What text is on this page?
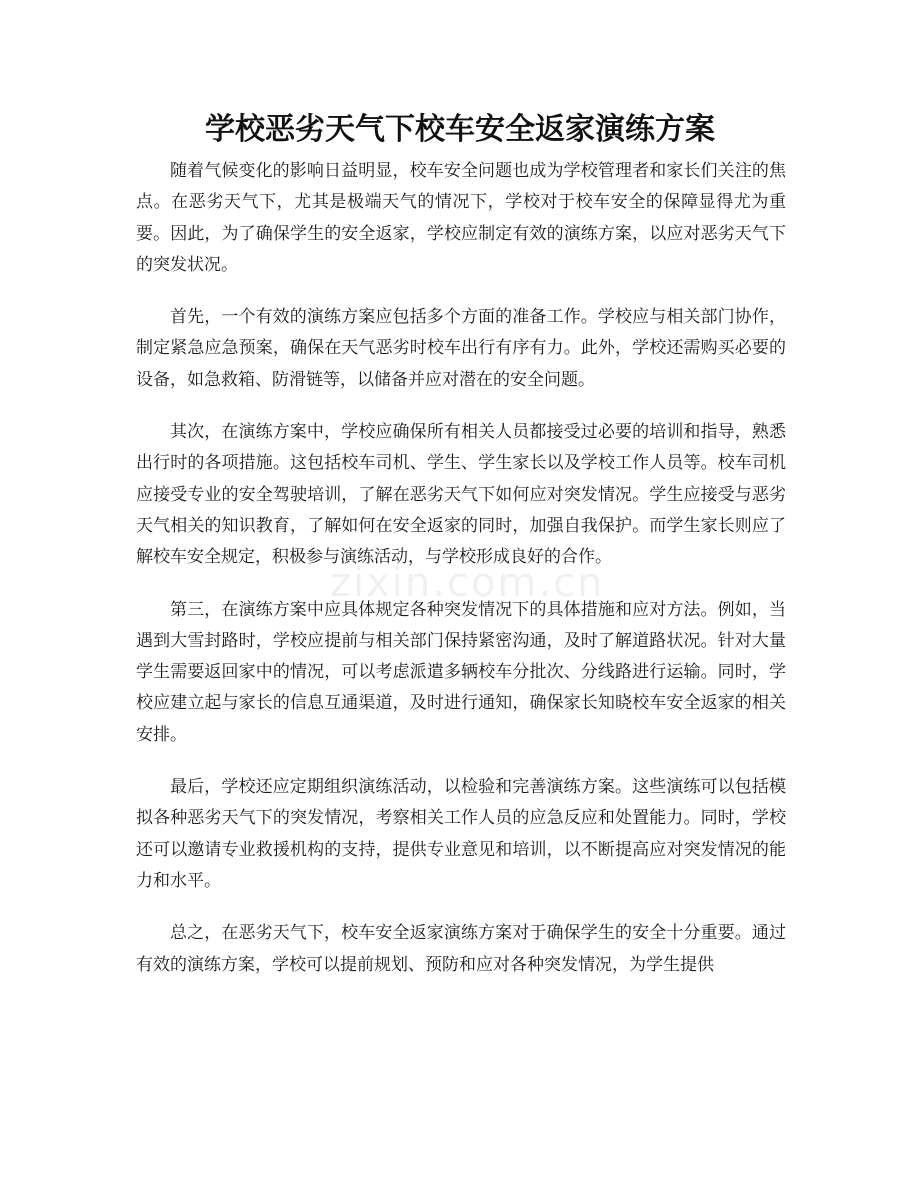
学校恶劣天气下校车安全返家演练方案
zixin.com.cn

随着气候变化的影响日益明显，校车安全问题也成为学校管理者和家长们关注的焦点。在恶劣天气下，尤其是极端天气的情况下，学校对于校车安全的保障显得尤为重要。因此，为了确保学生的安全返家，学校应制定有效的演练方案，以应对恶劣天气下的突发状况。

首先，一个有效的演练方案应包括多个方面的准备工作。学校应与相关部门协作，制定紧急应急预案，确保在天气恶劣时校车出行有序有力。此外，学校还需购买必要的设备，如急救箱、防滑链等，以储备并应对潜在的安全问题。

其次，在演练方案中，学校应确保所有相关人员都接受过必要的培训和指导，熟悉出行时的各项措施。这包括校车司机、学生、学生家长以及学校工作人员等。校车司机应接受专业的安全驾驶培训，了解在恶劣天气下如何应对突发情况。学生应接受与恶劣天气相关的知识教育，了解如何在安全返家的同时，加强自我保护。而学生家长则应了解校车安全规定，积极参与演练活动，与学校形成良好的合作。

第三，在演练方案中应具体规定各种突发情况下的具体措施和应对方法。例如，当遇到大雪封路时，学校应提前与相关部门保持紧密沟通，及时了解道路状况。针对大量学生需要返回家中的情况，可以考虑派遣多辆校车分批次、分线路进行运输。同时，学校应建立起与家长的信息互通渠道，及时进行通知，确保家长知晓校车安全返家的相关安排。

最后，学校还应定期组织演练活动，以检验和完善演练方案。这些演练可以包括模拟各种恶劣天气下的突发情况，考察相关工作人员的应急反应和处置能力。同时，学校还可以邀请专业救援机构的支持，提供专业意见和培训，以不断提高应对突发情况的能力和水平。

总之，在恶劣天气下，校车安全返家演练方案对于确保学生的安全十分重要。通过有效的演练方案，学校可以提前规划、预防和应对各种突发情况，为学生提供
